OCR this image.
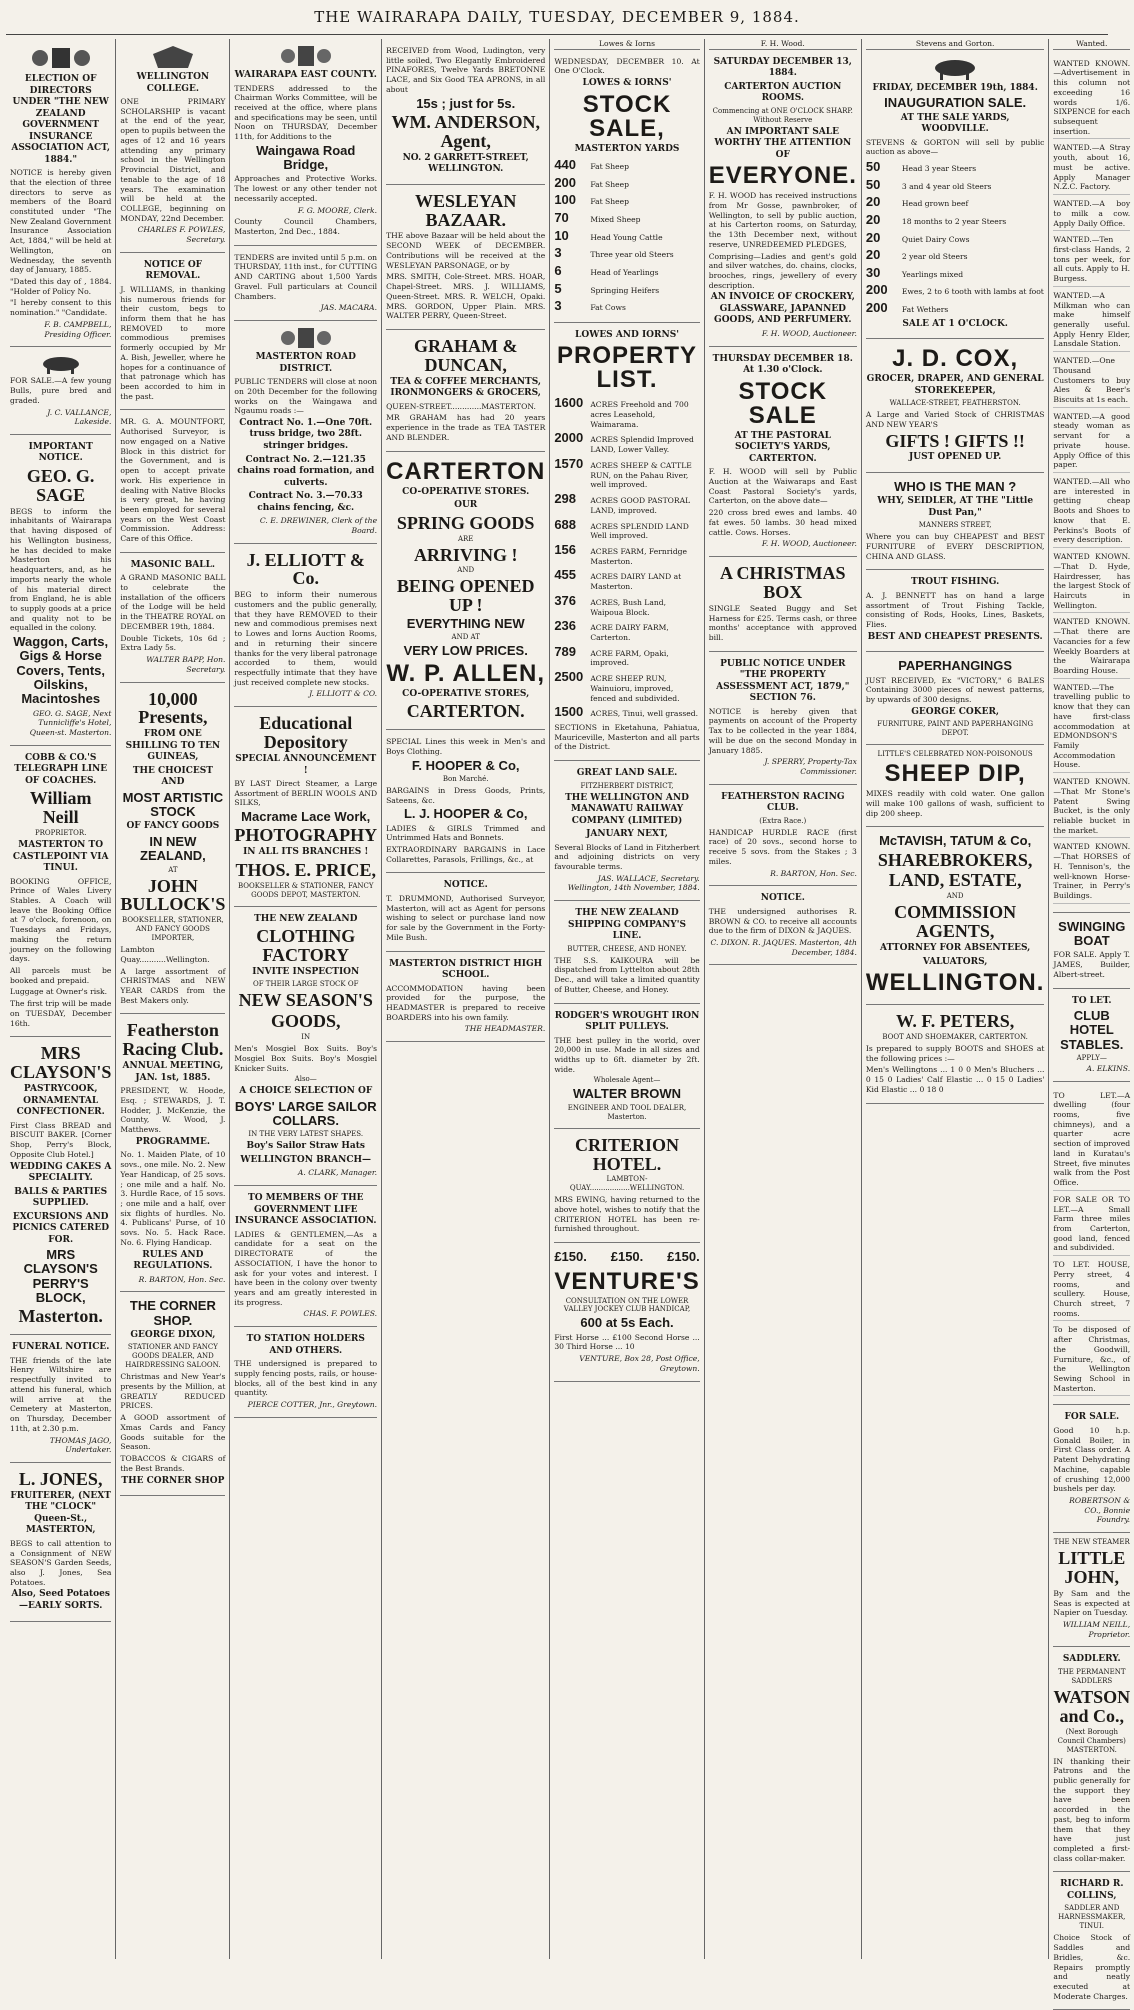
THE WAIRARAPA DAILY, TUESDAY, DECEMBER 9, 1884.
ELECTION OF DIRECTORS UNDER "THE NEW ZEALAND GOVERNMENT INSURANCE ASSOCIATION ACT, 1884."
NOTICE is hereby given that the election of three directors to serve as members of the Board constituted under "The New Zealand Government Insurance Association Act, 1884," will be held at Wellington, on Wednesday, the seventh day of January, 1885.
"Dated this day of , 1884. "Holder of Policy No.
"I hereby consent to this nomination." "Candidate.
F. B. CAMPBELL, Presiding Officer.
FOR SALE.—A few young Bulls, pure bred and graded.
J. C. VALLANCE, Lakeside.
IMPORTANT NOTICE.
GEO. G. SAGE
BEGS to inform the inhabitants of Wairarapa that having disposed of his Wellington business, he has decided to make Masterton his headquarters, and, as he imports nearly the whole of his material direct from England, he is able to supply goods at a price and quality not to be equalled in the colony.
Waggon, Carts, Gigs & Horse Covers, Tents, Oilskins, Macintoshes
GEO. G. SAGE, Next Tunnicliffe's Hotel, Queen-st. Masterton.
COBB & CO.'S TELEGRAPH LINE OF COACHES.
William Neill
PROPRIETOR.
MASTERTON TO CASTLEPOINT VIA TINUI.
BOOKING OFFICE, Prince of Wales Livery Stables. A Coach will leave the Booking Office at 7 o'clock, forenoon, on Tuesdays and Fridays, making the return journey on the following days.
All parcels must be booked and prepaid.
Luggage at Owner's risk.
The first trip will be made on TUESDAY, December 16th.
MRS CLAYSON'S
PASTRYCOOK, ORNAMENTAL CONFECTIONER.
First Class BREAD and BISCUIT BAKER. [Corner Shop, Perry's Block, Opposite Club Hotel.]
WEDDING CAKES A SPECIALITY.
BALLS & PARTIES SUPPLIED.
EXCURSIONS AND PICNICS CATERED FOR.
MRS CLAYSON'S PERRY'S BLOCK,
Masterton.
FUNERAL NOTICE.
THE friends of the late Henry Wiltshire are respectfully invited to attend his funeral, which will arrive at the Cemetery at Masterton, on Thursday, December 11th, at 2.30 p.m.
THOMAS JAGO, Undertaker.
L. JONES,
FRUITERER, (NEXT THE "CLOCK" Queen-St., MASTERTON,
BEGS to call attention to a Consignment of NEW SEASON'S Garden Seeds, also J. Jones, Sea Potatoes.
Also, Seed Potatoes—EARLY SORTS.
WELLINGTON COLLEGE.
ONE PRIMARY SCHOLARSHIP is vacant at the end of the year, open to pupils between the ages of 12 and 16 years attending any primary school in the Wellington Provincial District, and tenable to the age of 18 years. The examination will be held at the COLLEGE, beginning on MONDAY, 22nd December.
CHARLES F. POWLES, Secretary.
NOTICE OF REMOVAL.
J. WILLIAMS, in thanking his numerous friends for their custom, begs to inform them that he has REMOVED to more commodious premises formerly occupied by Mr A. Bish, Jeweller, where he hopes for a continuance of that patronage which has been accorded to him in the past.
MR. G. A. MOUNTFORT, Authorised Surveyor, is now engaged on a Native Block in this district for the Government, and is open to accept private work. His experience in dealing with Native Blocks is very great, he having been employed for several years on the West Coast Commission. Address: Care of this Office.
MASONIC BALL.
A GRAND MASONIC BALL to celebrate the installation of the officers of the Lodge will be held in the THEATRE ROYAL on DECEMBER 19th, 1884.
Double Tickets, 10s 6d ; Extra Lady 5s.
WALTER BAPP, Hon. Secretary.
10,000 Presents,
FROM ONE SHILLING TO TEN GUINEAS,
THE CHOICEST AND
MOST ARTISTIC STOCK
OF FANCY GOODS
IN NEW ZEALAND,
AT
JOHN BULLOCK'S
BOOKSELLER, STATIONER, AND FANCY GOODS IMPORTER,
Lambton Quay...........Wellington.
A large assortment of CHRISTMAS and NEW YEAR CARDS from the Best Makers only.
Featherston Racing Club.
ANNUAL MEETING, JAN. 1st, 1885.
PRESIDENT, W. Hoode, Esq. ; STEWARDS, J. T. Hodder, J. McKenzie, the County, W. Wood, J. Matthews.
PROGRAMME.
No. 1. Maiden Plate, of 10 sovs., one mile. No. 2. New Year Handicap, of 25 sovs. ; one mile and a half. No. 3. Hurdle Race, of 15 sovs. ; one mile and a half, over six flights of hurdles. No. 4. Publicans' Purse, of 10 sovs. No. 5. Hack Race. No. 6. Flying Handicap.
RULES AND REGULATIONS.
R. BARTON, Hon. Sec.
THE CORNER SHOP.
GEORGE DIXON,
STATIONER AND FANCY GOODS DEALER, AND HAIRDRESSING SALOON.
Christmas and New Year's presents by the Million, at GREATLY REDUCED PRICES.
A GOOD assortment of Xmas Cards and Fancy Goods suitable for the Season.
TOBACCOS & CIGARS of the Best Brands.
THE CORNER SHOP
WAIRARAPA EAST COUNTY.
TENDERS addressed to the Chairman Works Committee, will be received at the office, where plans and specifications may be seen, until Noon on THURSDAY, December 11th, for Additions to the
Waingawa Road Bridge,
Approaches and Protective Works. The lowest or any other tender not necessarily accepted.
F. G. MOORE, Clerk.
County Council Chambers, Masterton, 2nd Dec., 1884.
TENDERS are invited until 5 p.m. on THURSDAY, 11th inst., for CUTTING AND CARTING about 1,500 Yards Gravel. Full particulars at Council Chambers.
JAS. MACARA.
MASTERTON ROAD DISTRICT.
PUBLIC TENDERS will close at noon on 20th December for the following works on the Waingawa and Ngaumu roads :—
Contract No. 1.—One 70ft. truss bridge, two 28ft. stringer bridges.
Contract No. 2.—121.35 chains road formation, and culverts.
Contract No. 3.—70.33 chains fencing, &c.
C. E. DREWINER, Clerk of the Board.
J. ELLIOTT & Co.
BEG to inform their numerous customers and the public generally, that they have REMOVED to their new and commodious premises next to Lowes and Iorns Auction Rooms, and in returning their sincere thanks for the very liberal patronage accorded to them, would respectfully intimate that they have just received complete new stocks.
J. ELLIOTT & CO.
Educational Depository
SPECIAL ANNOUNCEMENT !
BY LAST Direct Steamer, a Large Assortment of BERLIN WOOLS AND SILKS,
Macrame Lace Work,
PHOTOGRAPHY
IN ALL ITS BRANCHES !
THOS. E. PRICE,
BOOKSELLER & STATIONER, FANCY GOODS DEPOT, MASTERTON.
THE NEW ZEALAND
CLOTHING FACTORY
INVITE INSPECTION
OF THEIR LARGE STOCK OF
NEW SEASON'S
GOODS,
IN
Men's Mosgiel Box Suits. Boy's Mosgiel Box Suits. Boy's Mosgiel Knicker Suits.
Also—
A CHOICE SELECTION OF
BOYS' LARGE SAILOR COLLARS.
IN THE VERY LATEST SHAPES.
Boy's Sailor Straw Hats
WELLINGTON BRANCH—
A. CLARK, Manager.
TO MEMBERS OF THE GOVERNMENT LIFE INSURANCE ASSOCIATION.
LADIES & GENTLEMEN,—As a candidate for a seat on the DIRECTORATE of the ASSOCIATION, I have the honor to ask for your votes and interest. I have been in the colony over twenty years and am greatly interested in its progress.
CHAS. F. POWLES.
TO STATION HOLDERS AND OTHERS.
THE undersigned is prepared to supply fencing posts, rails, or house-blocks, all of the best kind in any quantity.
PIERCE COTTER, Jnr., Greytown.
RECEIVED from Wood, Ludington, very little soiled, Two Elegantly Embroidered PINAFORES, Twelve Yards BRETONNE LACE, and Six Good TEA APRONS, in all about
15s ; just for 5s.
WM. ANDERSON, Agent,
NO. 2 GARRETT-STREET, WELLINGTON.
WESLEYAN BAZAAR.
THE above Bazaar will be held about the SECOND WEEK of DECEMBER. Contributions will be received at the WESLEYAN PARSONAGE, or by
MRS. SMITH, Cole-Street. MRS. HOAR, Chapel-Street. MRS. J. WILLIAMS, Queen-Street. MRS. R. WELCH, Opaki. MRS. GORDON, Upper Plain. MRS. WALTER PERRY, Queen-Street.
GRAHAM & DUNCAN,
TEA & COFFEE MERCHANTS, IRONMONGERS & GROCERS,
QUEEN-STREET.............MASTERTON.
MR GRAHAM has had 20 years experience in the trade as TEA TASTER AND BLENDER.
CARTERTON
CO-OPERATIVE STORES.
OUR
SPRING GOODS
ARE
ARRIVING !
AND
BEING OPENED UP !
EVERYTHING NEW
AND AT
VERY LOW PRICES.
W. P. ALLEN,
CO-OPERATIVE STORES,
CARTERTON.
SPECIAL Lines this week in Men's and Boys Clothing.
F. HOOPER & Co,
Bon Marché.
BARGAINS in Dress Goods, Prints, Sateens, &c.
L. J. HOOPER & Co,
LADIES & GIRLS Trimmed and Untrimmed Hats and Bonnets.
EXTRAORDINARY BARGAINS in Lace Collarettes, Parasols, Frillings, &c., at
NOTICE.
T. DRUMMOND, Authorised Surveyor, Masterton, will act as Agent for persons wishing to select or purchase land now for sale by the Government in the Forty-Mile Bush.
MASTERTON DISTRICT HIGH SCHOOL.
ACCOMMODATION having been provided for the purpose, the HEADMASTER is prepared to receive BOARDERS into his own family.
THE HEADMASTER.
Lowes & Iorns
WEDNESDAY, DECEMBER 10. At One O'Clock.
LOWES & IORNS'
STOCK SALE,
MASTERTON YARDS
440	Fat Sheep
200	Fat Sheep
100	Fat Sheep
70	Mixed Sheep
10	Head Young Cattle
3	Three year old Steers
6	Head of Yearlings
5	Springing Heifers
3	Fat Cows
LOWES AND IORNS'
PROPERTY LIST.
1600 ACRES Freehold and 700 acres Leasehold, Waimarama.
2000 ACRES Splendid Improved LAND, Lower Valley.
1570 ACRES SHEEP & CATTLE RUN, on the Pahau River, well improved.
298	ACRES GOOD PASTORAL LAND, improved.
688	ACRES SPLENDID LAND Well improved.
156	ACRES FARM, Fernridge Masterton.
455	ACRES DAIRY LAND at Masterton.
376	ACRES, Bush Land, Waipoua Block.
236	ACRE DAIRY FARM, Carterton.
789	ACRE FARM, Opaki, improved.
2500 ACRE SHEEP RUN, Wainuioru, improved, fenced and subdivided.
1500 ACRES, Tinui, well grassed.
SECTIONS in Eketahuna, Pahiatua, Mauriceville, Masterton and all parts of the District.
GREAT LAND SALE.
FITZHERBERT DISTRICT,
THE WELLINGTON AND MANAWATU RAILWAY COMPANY (LIMITED)
JANUARY NEXT,
Several Blocks of Land in Fitzherbert and adjoining districts on very favourable terms.
JAS. WALLACE, Secretary. Wellington, 14th November, 1884.
THE NEW ZEALAND SHIPPING COMPANY'S LINE.
BUTTER, CHEESE, AND HONEY.
THE S.S. KAIKOURA will be dispatched from Lyttelton about 28th Dec., and will take a limited quantity of Butter, Cheese, and Honey.
RODGER'S WROUGHT IRON SPLIT PULLEYS.
THE best pulley in the world, over 20,000 in use. Made in all sizes and widths up to 6ft. diameter by 2ft. wide.
Wholesale Agent—
WALTER BROWN
ENGINEER AND TOOL DEALER, Masterton.
CRITERION HOTEL.
LAMBTON-QUAY..................WELLINGTON.
MRS EWING, having returned to the above hotel, wishes to notify that the CRITERION HOTEL has been re-furnished throughout.
£150. £150. £150.
VENTURE'S
CONSULTATION ON THE LOWER VALLEY JOCKEY CLUB HANDICAP,
600 at 5s Each.
First Horse ... £100 Second Horse ... 30 Third Horse ... 10
VENTURE, Box 28, Post Office, Greytown.
F. H. Wood.
SATURDAY DECEMBER 13, 1884.
CARTERTON AUCTION ROOMS.
Commencing at ONE O'CLOCK SHARP.
Without Reserve
AN IMPORTANT SALE WORTHY THE ATTENTION OF
EVERYONE.
F. H. WOOD has received instructions from Mr Gosse, pawnbroker, of Wellington, to sell by public auction, at his Carterton rooms, on Saturday, the 13th December next, without reserve, UNREDEEMED PLEDGES,
Comprising—Ladies and gent's gold and silver watches, do. chains, clocks, brooches, rings, jewellery of every description.
AN INVOICE OF CROCKERY, GLASSWARE, JAPANNED GOODS, AND PERFUMERY.
F. H. WOOD, Auctioneer.
THURSDAY DECEMBER 18. At 1.30 o'Clock.
STOCK SALE
AT THE PASTORAL SOCIETY'S YARDS, CARTERTON.
F. H. WOOD will sell by Public Auction at the Waiwaraps and East Coast Pastoral Society's yards, Carterton, on the above date—
220 cross bred ewes and lambs. 40 fat ewes. 50 lambs. 30 head mixed cattle. Cows. Horses.
F. H. WOOD, Auctioneer.
A CHRISTMAS BOX
SINGLE Seated Buggy and Set Harness for £25. Terms cash, or three months' acceptance with approved bill.
PUBLIC NOTICE UNDER "THE PROPERTY ASSESSMENT ACT, 1879," SECTION 76.
NOTICE is hereby given that payments on account of the Property Tax to be collected in the year 1884, will be due on the second Monday in January 1885.
J. SPERRY, Property-Tax Commissioner.
FEATHERSTON RACING CLUB.
(Extra Race.)
HANDICAP HURDLE RACE (first race) of 20 sovs., second horse to receive 5 sovs. from the Stakes ; 3 miles.
R. BARTON, Hon. Sec.
NOTICE.
THE undersigned authorises R. BROWN & CO. to receive all accounts due to the firm of DIXON & JAQUES.
C. DIXON. R. JAQUES. Masterton, 4th December, 1884.
Stevens and Gorton.
FRIDAY, DECEMBER 19th, 1884.
INAUGURATION SALE.
AT THE SALE YARDS, WOODVILLE.
STEVENS & GORTON will sell by public auction as above—
50	Head 3 year Steers
50	3 and 4 year old Steers
20	Head grown beef
20	18 months to 2 year Steers
20	Quiet Dairy Cows
20	2 year old Steers
30	Yearlings mixed
200	Ewes, 2 to 6 tooth with lambs at foot
200	Fat Wethers
SALE AT 1 O'CLOCK.
J. D. COX,
GROCER, DRAPER, AND GENERAL STOREKEEPER,
WALLACE-STREET, FEATHERSTON.
A Large and Varied Stock of CHRISTMAS AND NEW YEAR'S
GIFTS ! GIFTS !!
JUST OPENED UP.
WHO IS THE MAN ?
WHY, SEIDLER, AT THE "Little Dust Pan,"
MANNERS STREET,
Where you can buy CHEAPEST and BEST FURNITURE of EVERY DESCRIPTION, CHINA AND GLASS.
TROUT FISHING.
A. J. BENNETT has on hand a large assortment of Trout Fishing Tackle, consisting of Rods, Hooks, Lines, Baskets, Flies.
BEST AND CHEAPEST PRESENTS.
PAPERHANGINGS
JUST RECEIVED, Ex "VICTORY," 6 BALES Containing 3000 pieces of newest patterns, by upwards of 300 designs.
GEORGE COKER,
FURNITURE, PAINT AND PAPERHANGING DEPOT.
LITTLE'S CELEBRATED NON-POISONOUS
SHEEP DIP,
MIXES readily with cold water. One gallon will make 100 gallons of wash, sufficient to dip 200 sheep.
McTAVISH, TATUM & Co,
SHAREBROKERS,
LAND, ESTATE,
AND
COMMISSION AGENTS,
ATTORNEY FOR ABSENTEES,
VALUATORS,
WELLINGTON.
W. F. PETERS,
BOOT AND SHOEMAKER, CARTERTON.
Is prepared to supply BOOTS and SHOES at the following prices :—
Men's Wellingtons ... 1 0 0 Men's Bluchers ... 0 15 0 Ladies' Calf Elastic ... 0 15 0 Ladies' Kid Elastic ... 0 18 0
Wanted.
WANTED KNOWN.—Advertisement in this column not exceeding 16 words 1/6. SIXPENCE for each subsequent insertion.
WANTED.—A Stray youth, about 16, must be active. Apply Manager N.Z.C. Factory.
WANTED.—A boy to milk a cow. Apply Daily Office.
WANTED.—Ten first-class Hands, 2 tons per week, for all cuts. Apply to H. Burgess.
WANTED.—A Milkman who can make himself generally useful. Apply Henry Elder, Lansdale Station.
WANTED.—One Thousand Customers to buy Ales & Beer's Biscuits at 1s each.
WANTED.—A good steady woman as servant for a private house. Apply Office of this paper.
WANTED.—All who are interested in getting cheap Boots and Shoes to know that E. Perkins's Boots of every description.
WANTED KNOWN.—That D. Hyde, Hairdresser, has the largest Stock of Haircuts in Wellington.
WANTED KNOWN.—That there are Vacancies for a few Weekly Boarders at the Wairarapa Boarding House.
WANTED.—The travelling public to know that they can have first-class accommodation at EDMONDSON'S Family Accommodation House.
WANTED KNOWN.—That Mr Stone's Patent Swing Bucket, is the only reliable bucket in the market.
WANTED KNOWN.—That HORSES of H. Tennison's, the well-known Horse-Trainer, in Perry's Buildings.
SWINGING BOAT
FOR SALE. Apply T. JAMES, Builder, Albert-street.
TO LET.
CLUB HOTEL STABLES.
APPLY—
A. ELKINS.
TO LET.—A dwelling (four rooms, five chimneys), and a quarter acre section of improved land in Kuratau's Street, five minutes walk from the Post Office.
FOR SALE OR TO LET.—A Small Farm three miles from Carterton, good land, fenced and subdivided.
TO LET. HOUSE, Perry street, 4 rooms, and scullery. House, Church street, 7 rooms.
To be disposed of after Christmas, the Goodwill, Furniture, &c., of the Wellington Sewing School in Masterton.
FOR SALE.
Good 10 h.p. Gonald Boiler, in First Class order. A Patent Dehydrating Machine, capable of crushing 12,000 bushels per day.
ROBERTSON & CO., Bonnie Foundry.
THE NEW STEAMER
LITTLE JOHN,
By Sam and the Seas is expected at Napier on Tuesday.
WILLIAM NEILL, Proprietor.
SADDLERY.
THE PERMANENT SADDLERS
WATSON and Co.,
(Next Borough Council Chambers) MASTERTON.
IN thanking their Patrons and the public generally for the support they have been accorded in the past, beg to inform them that they have just completed a first-class collar-maker.
RICHARD R. COLLINS,
SADDLER AND HARNESSMAKER, TINUI.
Choice Stock of Saddles and Bridles, &c. Repairs promptly and neatly executed at Moderate Charges.
